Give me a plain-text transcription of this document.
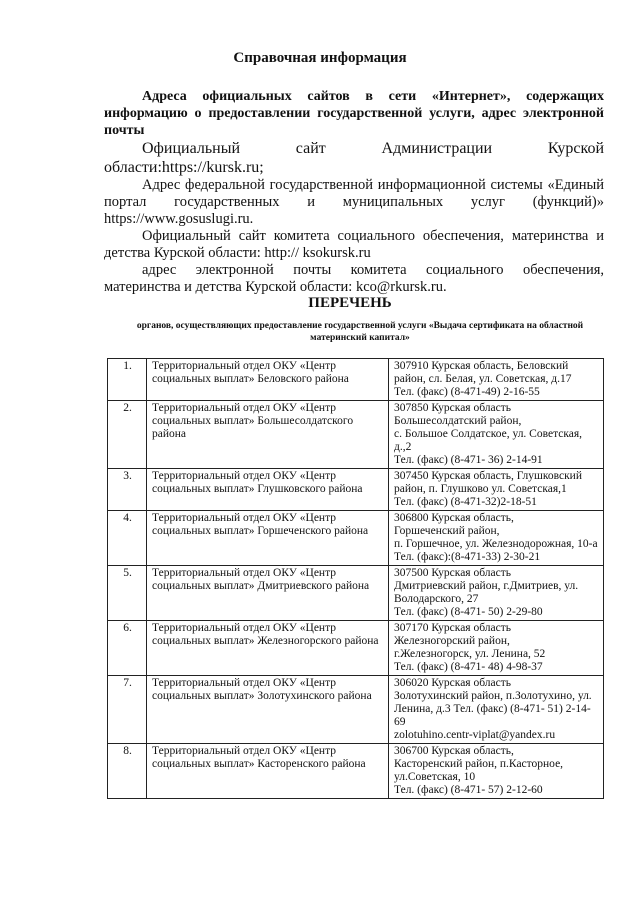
Справочная информация

Адреса официальных сайтов в сети «Интернет», содержащих информацию о предоставлении государственной услуги, адрес электронной почты

Официальный сайт Администрации Курской области:https://kursk.ru;

Адрес федеральной государственной информационной системы «Единый портал государственных и муниципальных услуг (функций)» https://www.gosuslugi.ru.

Официальный сайт комитета социального обеспечения, материнства и детства Курской области: http:// ksokursk.ru

адрес электронной почты комитета социального обеспечения, материнства и детства Курской области: kco@rkursk.ru.

ПЕРЕЧЕНЬ
органов, осуществляющих предоставление государственной услуги «Выдача сертификата на областной материнский капитал»
1.	Территориальный отдел ОКУ «Центр социальных выплат» Беловского района	307910 Курская область, Беловский район, сл. Белая, ул. Советская, д.17
Тел. (факс) (8-471-49) 2-16-55

2.	Территориальный отдел ОКУ «Центр социальных выплат» Большесолдатского района	307850 Курская область
Большесолдатский район,
с. Большое Солдатское, ул. Советская, д.,2
Тел. (факс) (8-471- 36) 2-14-91

3.	Территориальный отдел ОКУ «Центр социальных выплат» Глушковского района	307450 Курская область, Глушковский район, п. Глушково ул. Советская,1
Тел. (факс) (8-471-32)2-18-51

4.	Территориальный отдел ОКУ «Центр социальных выплат» Горшеченского района	306800 Курская область,
Горшеченский район,
п. Горшечное, ул. Железнодорожная, 10-а
Тел. (факс):(8-471-33) 2-30-21

5.	Территориальный отдел ОКУ «Центр социальных выплат» Дмитриевского района	307500 Курская область
Дмитриевский район, г.Дмитриев, ул. Володарского, 27
Тел. (факс) (8-471- 50) 2-29-80

6.	Территориальный отдел ОКУ «Центр социальных выплат» Железногорского района	307170 Курская область
Железногорский район,
г.Железногорск, ул. Ленина, 52
Тел. (факс) (8-471- 48) 4-98-37

7.	Территориальный отдел ОКУ «Центр социальных выплат» Золотухинского района	306020 Курская область
Золотухинский район, п.Золотухино, ул. Ленина, д.3 Тел. (факс) (8-471- 51) 2-14-69
zolotuhino.centr-viplat@yandex.ru

8.	Территориальный отдел ОКУ «Центр социальных выплат» Касторенского района	306700 Курская область,
Касторенский район, п.Касторное, ул.Советская, 10
Тел. (факс) (8-471- 57) 2-12-60
